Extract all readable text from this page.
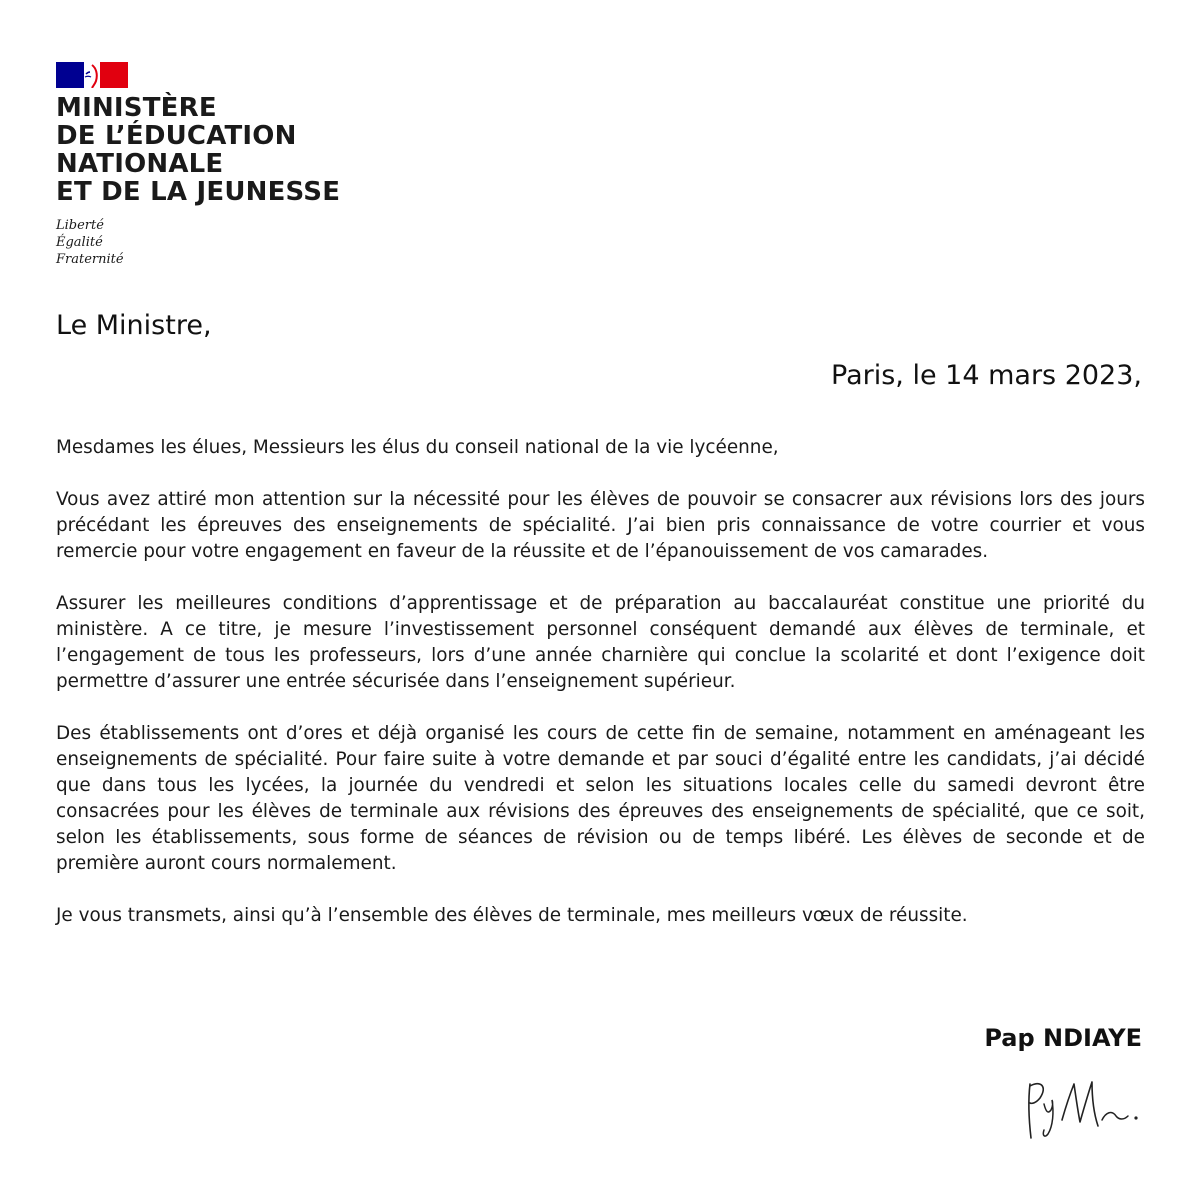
MINISTÈRE
DE L’ÉDUCATION
NATIONALE
ET DE LA JEUNESSE
Liberté
Égalité
Fraternité
Le Ministre,
Paris, le 14 mars 2023,

Mesdames les élues, Messieurs les élus du conseil national de la vie lycéenne,

Vous avez attiré mon attention sur la nécessité pour les élèves de pouvoir se consacrer aux révisions lors des jours précédant les épreuves des enseignements de spécialité. J’ai bien pris connaissance de votre courrier et vous remercie pour votre engagement en faveur de la réussite et de l’épanouissement de vos camarades.

Assurer les meilleures conditions d’apprentissage et de préparation au baccalauréat constitue une priorité du ministère. A ce titre, je mesure l’investissement personnel conséquent demandé aux élèves de terminale, et l’engagement de tous les professeurs, lors d’une année charnière qui conclue la scolarité et dont l’exigence doit permettre d’assurer une entrée sécurisée dans l’enseignement supérieur.

Des établissements ont d’ores et déjà organisé les cours de cette fin de semaine, notamment en aménageant les enseignements de spécialité. Pour faire suite à votre demande et par souci d’égalité entre les candidats, j’ai décidé que dans tous les lycées, la journée du vendredi et selon les situations locales celle du samedi devront être consacrées pour les élèves de terminale aux révisions des épreuves des enseignements de spécialité, que ce soit, selon les établissements, sous forme de séances de révision ou de temps libéré. Les élèves de seconde et de première auront cours normalement.

Je vous transmets, ainsi qu’à l’ensemble des élèves de terminale, mes meilleurs vœux de réussite.

Pap NDIAYE
